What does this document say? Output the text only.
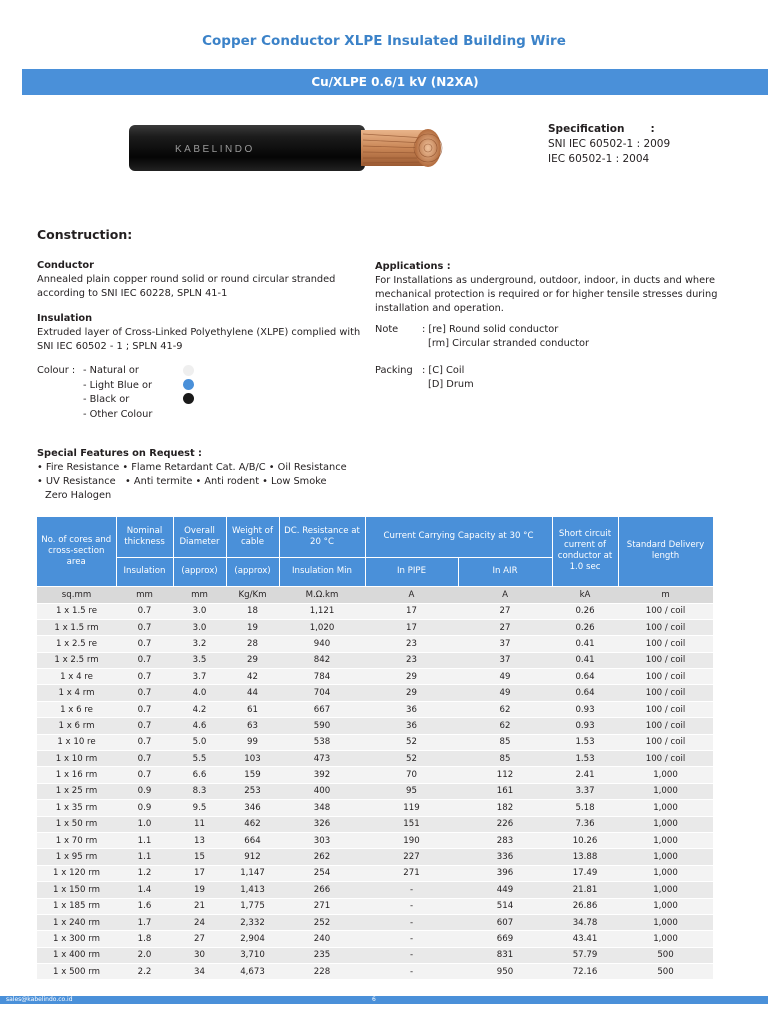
Copper Conductor XLPE Insulated Building Wire
Cu/XLPE 0.6/1 kV (N2XA)
KABELINDO
Specification :
SNI IEC 60502-1 : 2009
IEC 60502-1 : 2004
Construction:
Conductor
Annealed plain copper round solid or round circular stranded according to SNI IEC 60228, SPLN 41-1
Insulation
Extruded layer of Cross-Linked Polyethylene (XLPE) complied with SNI IEC 60502 - 1 ; SPLN 41-9
Colour : - Natural or
- Light Blue or
- Black or
- Other Colour
Applications :
For Installations as underground, outdoor, indoor, in ducts and where mechanical protection is required or for higher tensile stresses during installation and operation.
Note	: [re] Round solid conductor
[rm] Circular stranded conductor
Packing : [C] Coil
[D] Drum
Special Features on Request :
• Fire Resistance • Flame Retardant Cat. A/B/C • Oil Resistance
• UV Resistance   • Anti termite • Anti rodent • Low Smoke
Zero Halogen
No. of cores and cross-section area	Nominal thickness	Overall Diameter	Weight of cable	DC. Resistance at 20 °C	Current Carrying Capacity at 30 °C		Short circuit current of conductor at 1.0 sec	Standard Delivery length
	Insulation	(approx)	(approx)	Insulation Min	In PIPE	In AIR		
sq.mm	mm	mm	Kg/Km	M.Ω.km	A	A	kA	m
1 x 1.5 re	0.7	3.0	18	1,121	17	27	0.26	100 / coil
1 x 1.5 rm	0.7	3.0	19	1,020	17	27	0.26	100 / coil
1 x 2.5 re	0.7	3.2	28	940	23	37	0.41	100 / coil
1 x 2.5 rm	0.7	3.5	29	842	23	37	0.41	100 / coil
1 x 4 re	0.7	3.7	42	784	29	49	0.64	100 / coil
1 x 4 rm	0.7	4.0	44	704	29	49	0.64	100 / coil
1 x 6 re	0.7	4.2	61	667	36	62	0.93	100 / coil
1 x 6 rm	0.7	4.6	63	590	36	62	0.93	100 / coil
1 x 10 re	0.7	5.0	99	538	52	85	1.53	100 / coil
1 x 10 rm	0.7	5.5	103	473	52	85	1.53	100 / coil
1 x 16 rm	0.7	6.6	159	392	70	112	2.41	1,000
1 x 25 rm	0.9	8.3	253	400	95	161	3.37	1,000
1 x 35 rm	0.9	9.5	346	348	119	182	5.18	1,000
1 x 50 rm	1.0	11	462	326	151	226	7.36	1,000
1 x 70 rm	1.1	13	664	303	190	283	10.26	1,000
1 x 95 rm	1.1	15	912	262	227	336	13.88	1,000
1 x 120 rm	1.2	17	1,147	254	271	396	17.49	1,000
1 x 150 rm	1.4	19	1,413	266	-	449	21.81	1,000
1 x 185 rm	1.6	21	1,775	271	-	514	26.86	1,000
1 x 240 rm	1.7	24	2,332	252	-	607	34.78	1,000
1 x 300 rm	1.8	27	2,904	240	-	669	43.41	1,000
1 x 400 rm	2.0	30	3,710	235	-	831	57.79	500
1 x 500 rm	2.2	34	4,673	228	-	950	72.16	500
sales@kabelindo.co.id	6
